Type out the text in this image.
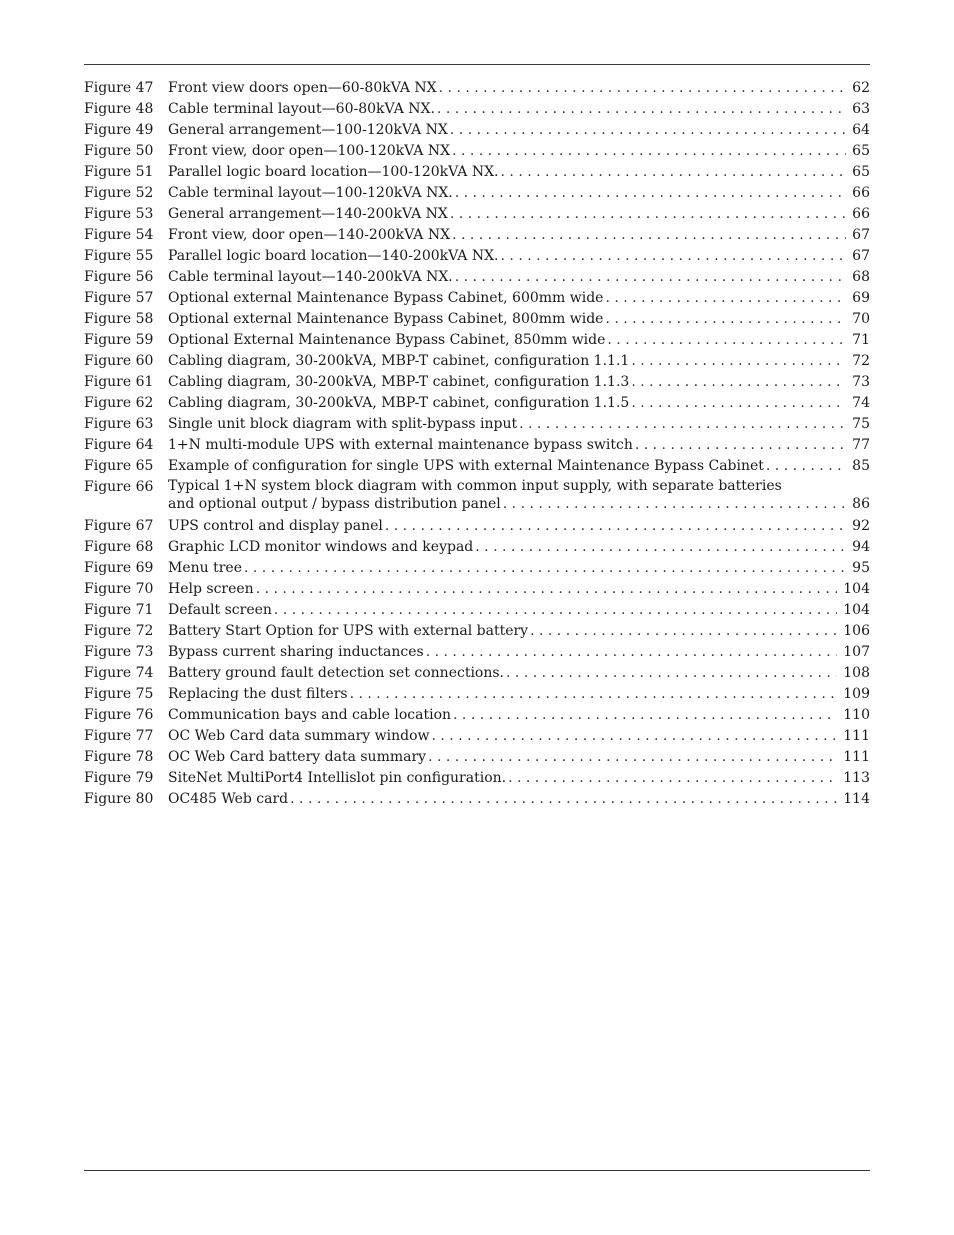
Figure 47	Front view doors open—60-80kVA NX . . .	62
Figure 48	Cable terminal layout—60-80kVA NX. . . .	63
Figure 49	General arrangement—100-120kVA NX . . .	64
Figure 50	Front view, door open—100-120kVA NX . . .	65
Figure 51	Parallel logic board location—100-120kVA NX. . . .	65
Figure 52	Cable terminal layout—100-120kVA NX. . . .	66
Figure 53	General arrangement—140-200kVA NX . . .	66
Figure 54	Front view, door open—140-200kVA NX . . .	67
Figure 55	Parallel logic board location—140-200kVA NX. . . .	67
Figure 56	Cable terminal layout—140-200kVA NX. . . .	68
Figure 57	Optional external Maintenance Bypass Cabinet, 600mm wide . . .	69
Figure 58	Optional external Maintenance Bypass Cabinet, 800mm wide . . .	70
Figure 59	Optional External Maintenance Bypass Cabinet, 850mm wide . . .	71
Figure 60	Cabling diagram, 30-200kVA, MBP-T cabinet, configuration 1.1.1 . . .	72
Figure 61	Cabling diagram, 30-200kVA, MBP-T cabinet, configuration 1.1.3 . . .	73
Figure 62	Cabling diagram, 30-200kVA, MBP-T cabinet, configuration 1.1.5 . . .	74
Figure 63	Single unit block diagram with split-bypass input . . .	75
Figure 64	1+N multi-module UPS with external maintenance bypass switch . . .	77
Figure 65	Example of configuration for single UPS with external Maintenance Bypass Cabinet . . .	85
Figure 66	Typical 1+N system block diagram with common input supply, with separate batteries
and optional output / bypass distribution panel . . .	86
Figure 67	UPS control and display panel . . .	92
Figure 68	Graphic LCD monitor windows and keypad . . .	94
Figure 69	Menu tree . . .	95
Figure 70	Help screen . . .	104
Figure 71	Default screen . . .	104
Figure 72	Battery Start Option for UPS with external battery . . .	106
Figure 73	Bypass current sharing inductances . . .	107
Figure 74	Battery ground fault detection set connections. . . .	108
Figure 75	Replacing the dust filters . . .	109
Figure 76	Communication bays and cable location . . .	110
Figure 77	OC Web Card data summary window . . .	111
Figure 78	OC Web Card battery data summary . . .	111
Figure 79	SiteNet MultiPort4 Intellislot pin configuration. . . .	113
Figure 80	OC485 Web card . . .	114
